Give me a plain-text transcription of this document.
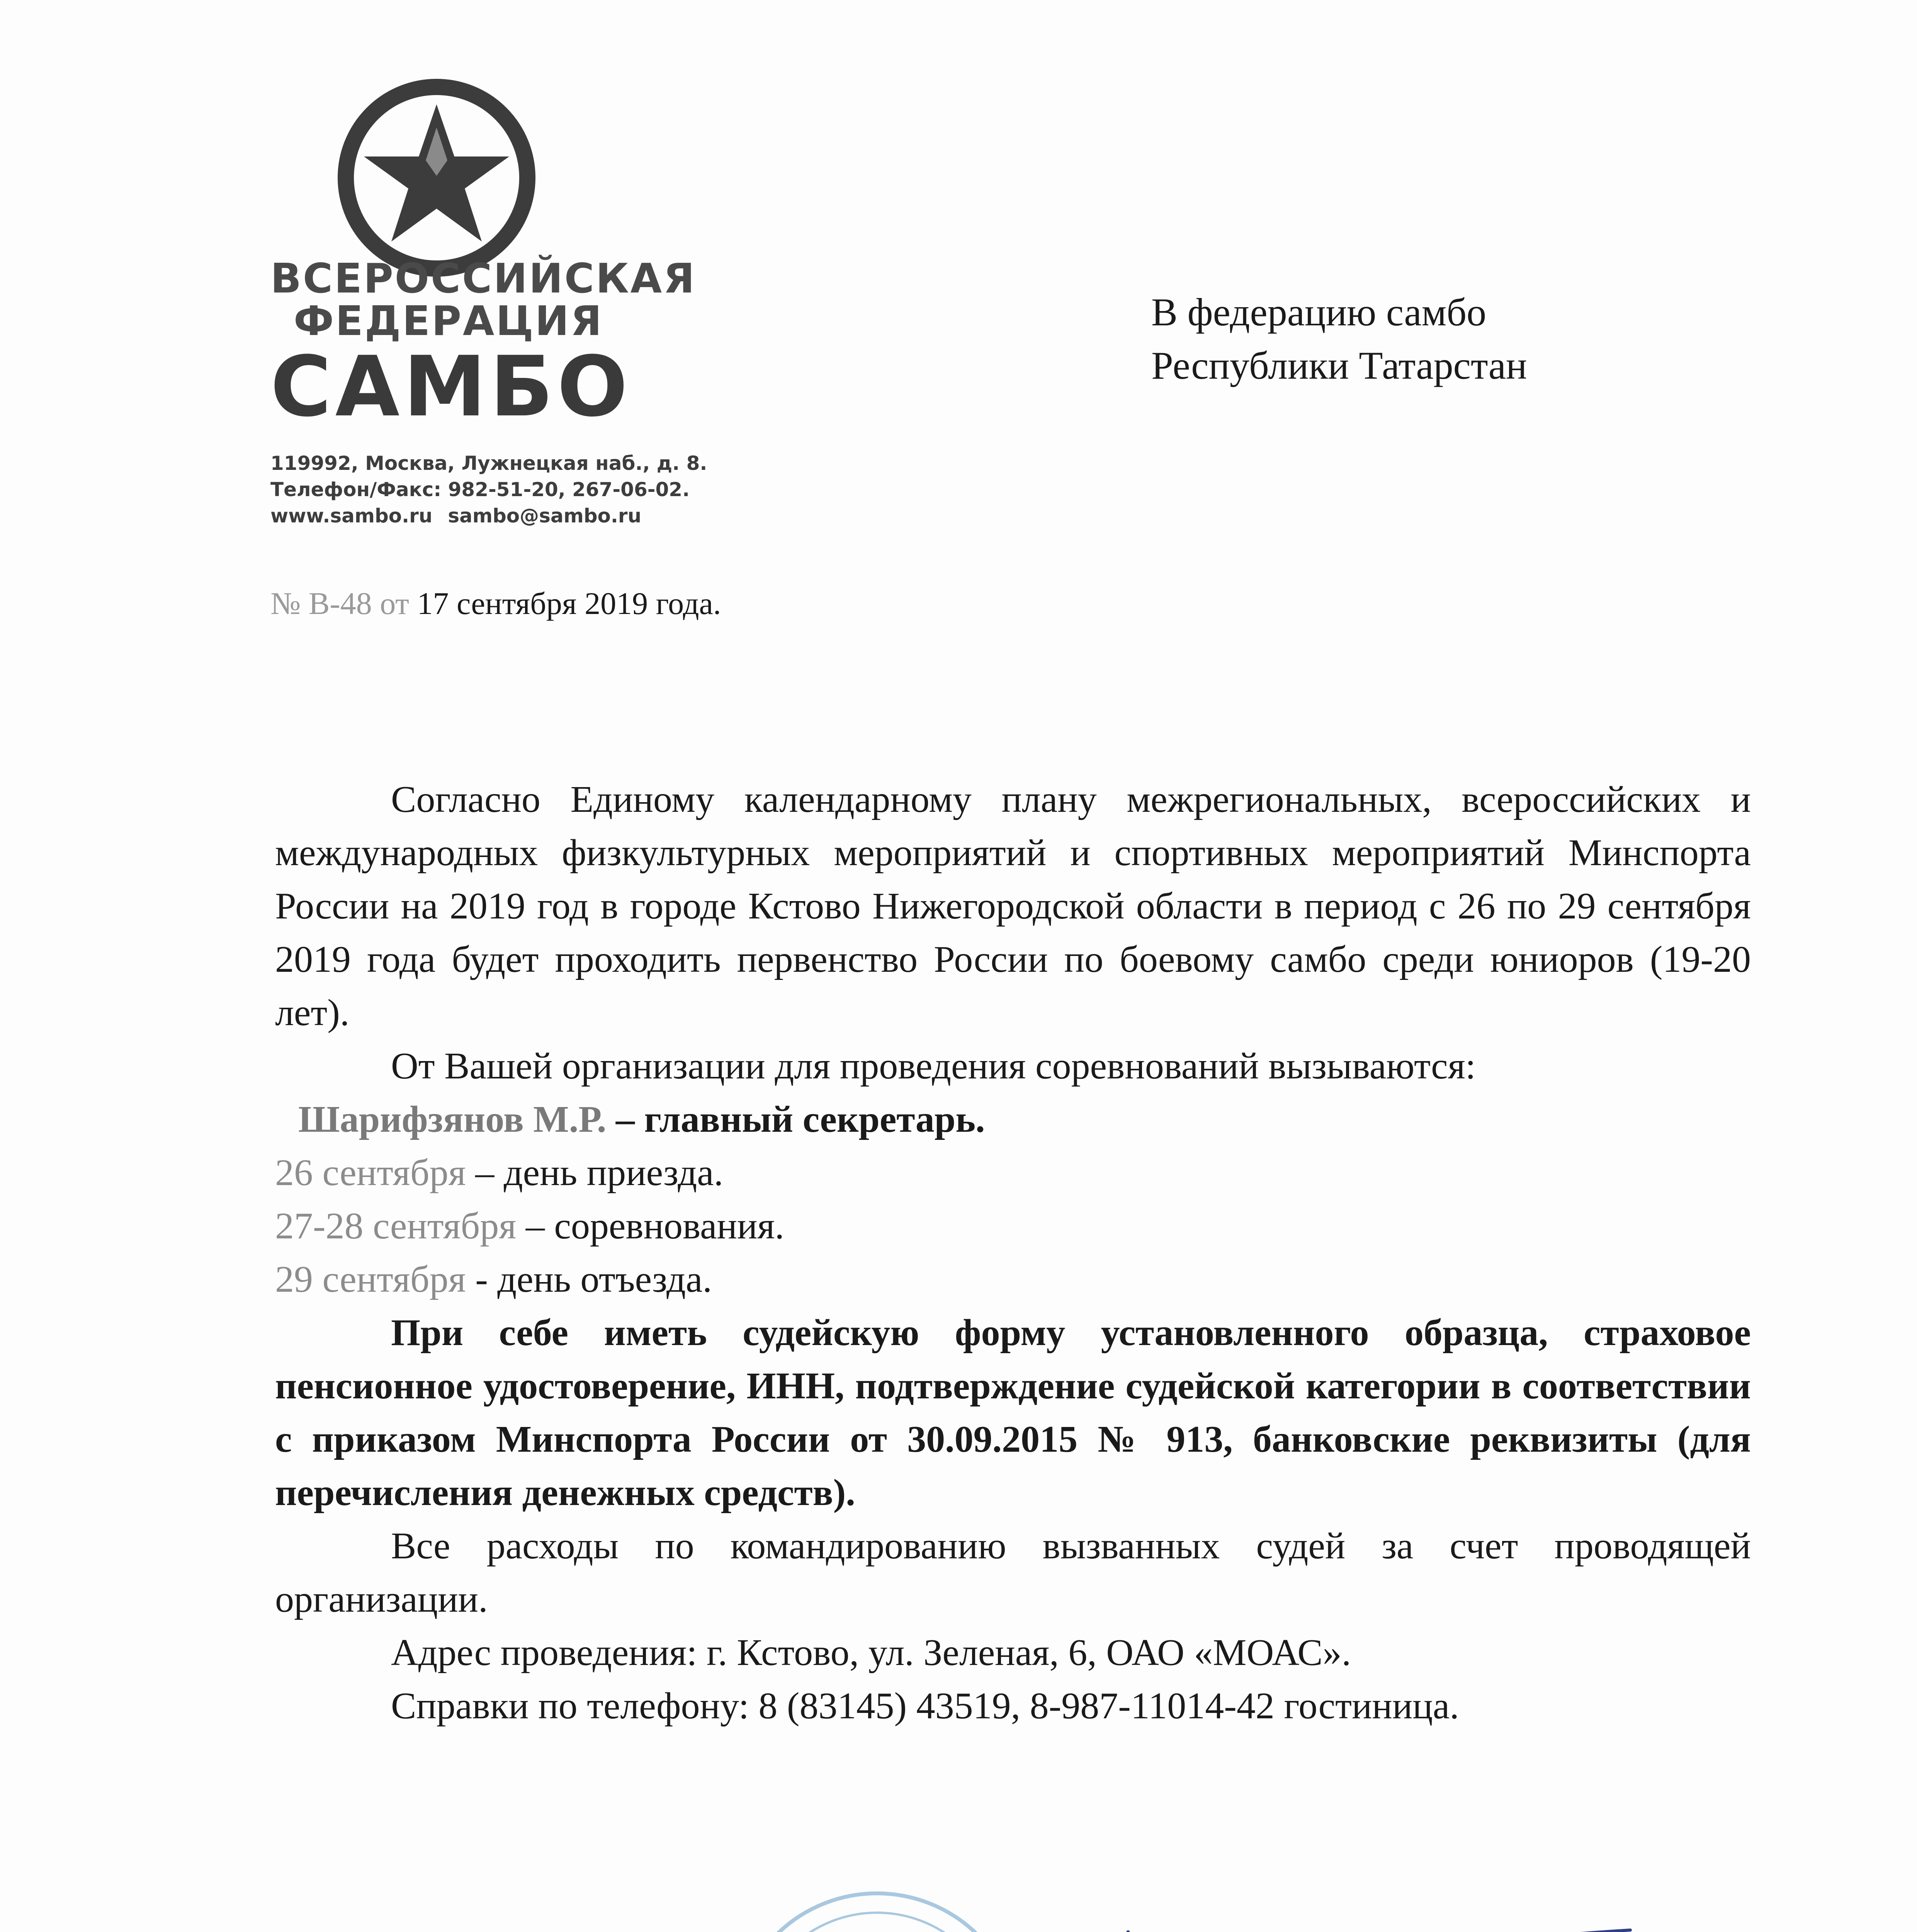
ВСЕРОССИЙСКАЯ
ФЕДЕРАЦИЯ
САМБО
119992, Москва, Лужнецкая наб., д. 8.
Телефон/Факс: 982-51-20, 267-06-02.
www.sambo.ru sambo@sambo.ru
В федерацию самбо
Республики Татарстан
№ В-48 от 17 сентября 2019 года.

Согласно Единому календарному плану межрегиональных, всероссийских и международных физкультурных мероприятий и спортивных мероприятий Минспорта России на 2019 год в городе Кстово Нижегородской области в период с 26 по 29 сентября 2019 года будет проходить первенство России по боевому самбо среди юниоров (19-20 лет).

От Вашей организации для проведения соревнований вызываются:
Шарифзянов М.Р. – главный секретарь.
26 сентября – день приезда.
27-28 сентября – соревнования.
29 сентября - день отъезда.

При себе иметь судейскую форму установленного образца, страховое пенсионное удостоверение, ИНН, подтверждение судейской категории в соответствии с приказом Минспорта России от 30.09.2015 № 913, банковские реквизиты (для перечисления денежных средств).

Все расходы по командированию вызванных судей за счет проводящей организации.

Адрес проведения: г. Кстово, ул. Зеленая, 6, ОАО «МОАС».
Справки по телефону: 8 (83145) 43519, 8-987-11014-42 гостиница.
